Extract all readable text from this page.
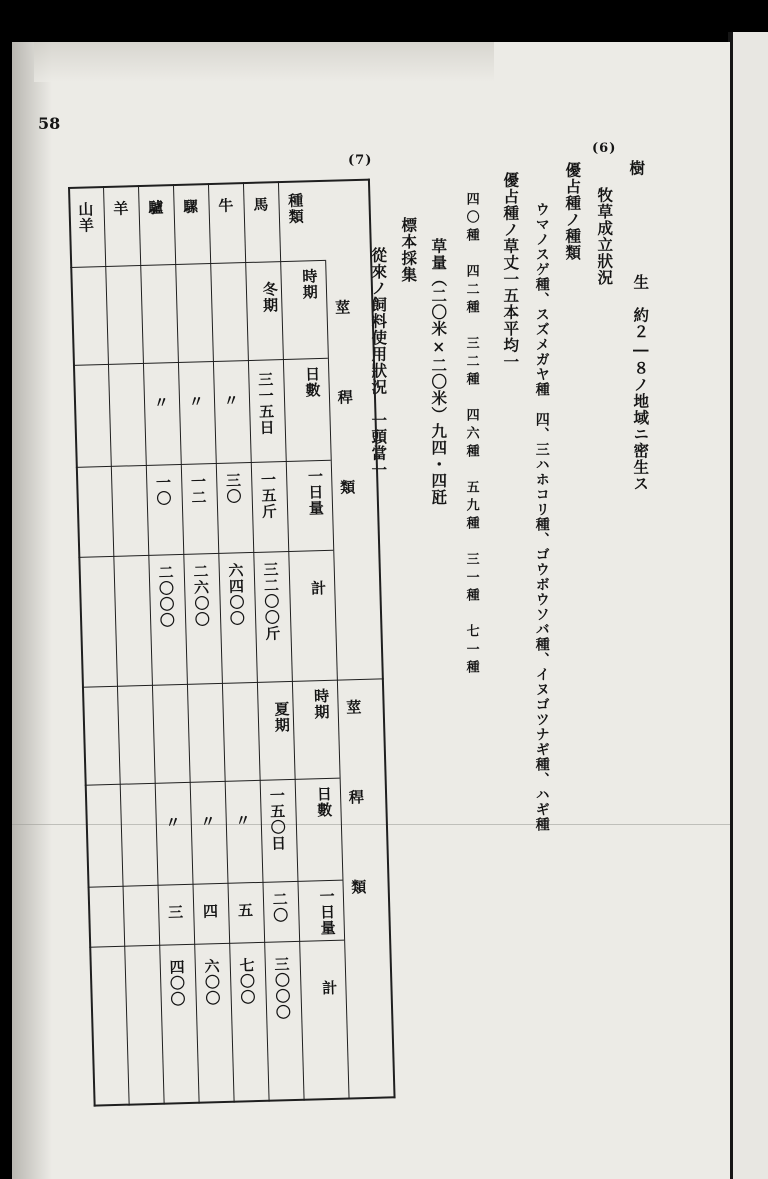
58
樹
生　約２―８ノ地域ニ密生ス
(6)
牧草成立狀況
優占種ノ種類
ウマノスゲ種、スズメガヤ種　四、三ハホコリ種、ゴウボウソバ種、イヌゴツナギ種、ハギ種
優占種ノ草丈一五本平均一
四〇種　四二種　三二種　四六種　五九種　三一種　七一種
草量（二〇米×二〇米）九四・四瓩
標本採集
(7)
從來ノ飼料使用狀況　一頭當一
種類
莖　稈　類
莖　稈　類
時期
日數
一日量
計
時期
日數
一日量
計
冬期
夏期
馬
三一五日
一五斤
三二〇〇斤
一五〇日
二〇
三〇〇〇
牛
〃
三〇
六四〇〇
〃
五
七〇〇
騾
〃
一二
二六〇〇
〃
四
六〇〇
驢
〃
一〇
二〇〇〇
〃
三
四〇〇
羊
山羊
